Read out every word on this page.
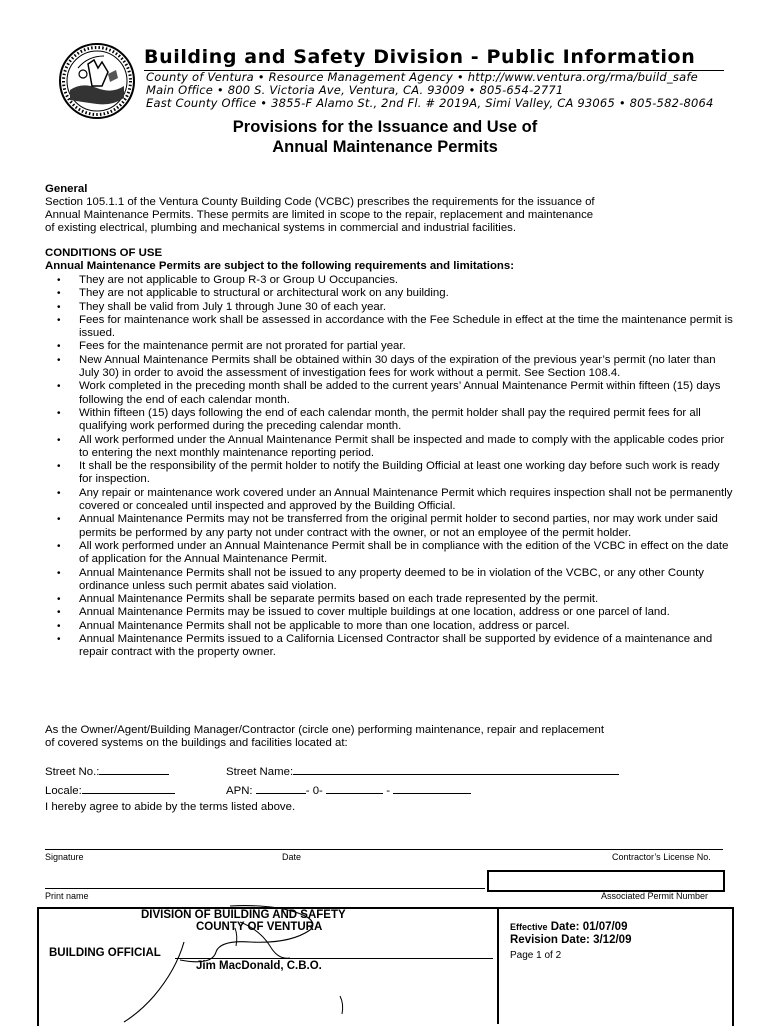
Building and Safety Division - Public Information
County of Ventura • Resource Management Agency • http://www.ventura.org/rma/build_safe
Main Office • 800 S. Victoria Ave, Ventura, CA. 93009 • 805-654-2771
East County Office • 3855-F Alamo St., 2nd Fl. # 2019A, Simi Valley, CA 93065 • 805-582-8064
Provisions for the Issuance and Use of
Annual Maintenance Permits
General
Section 105.1.1 of the Ventura County Building Code (VCBC) prescribes the requirements for the issuance of
Annual Maintenance Permits. These permits are limited in scope to the repair, replacement and maintenance
of existing electrical, plumbing and mechanical systems in commercial and industrial facilities.
CONDITIONS OF USE
Annual Maintenance Permits are subject to the following requirements and limitations:
• They are not applicable to Group R-3 or Group U Occupancies.
• They are not applicable to structural or architectural work on any building.
• They shall be valid from July 1 through June 30 of each year.
• Fees for maintenance work shall be assessed in accordance with the Fee Schedule in effect at the time the maintenance permit is issued.
• Fees for the maintenance permit are not prorated for partial year.
• New Annual Maintenance Permits shall be obtained within 30 days of the expiration of the previous year’s permit (no later than July 30) in order to avoid the assessment of investigation fees for work without a permit. See Section 108.4.
• Work completed in the preceding month shall be added to the current years’ Annual Maintenance Permit within fifteen (15) days following the end of each calendar month.
• Within fifteen (15) days following the end of each calendar month, the permit holder shall pay the required permit fees for all qualifying work performed during the preceding calendar month.
• All work performed under the Annual Maintenance Permit shall be inspected and made to comply with the applicable codes prior to entering the next monthly maintenance reporting period.
• It shall be the responsibility of the permit holder to notify the Building Official at least one working day before such work is ready for inspection.
• Any repair or maintenance work covered under an Annual Maintenance Permit which requires inspection shall not be permanently covered or concealed until inspected and approved by the Building Official.
• Annual Maintenance Permits may not be transferred from the original permit holder to second parties, nor may work under said permits be performed by any party not under contract with the owner, or not an employee of the permit holder.
• All work performed under an Annual Maintenance Permit shall be in compliance with the edition of the VCBC in effect on the date of application for the Annual Maintenance Permit.
• Annual Maintenance Permits shall not be issued to any property deemed to be in violation of the VCBC, or any other County ordinance unless such permit abates said violation.
• Annual Maintenance Permits shall be separate permits based on each trade represented by the permit.
• Annual Maintenance Permits may be issued to cover multiple buildings at one location, address or one parcel of land.
• Annual Maintenance Permits shall not be applicable to more than one location, address or parcel.
• Annual Maintenance Permits issued to a California Licensed Contractor shall be supported by evidence of a maintenance and repair contract with the property owner.
As the Owner/Agent/Building Manager/Contractor (circle one) performing maintenance, repair and replacement
of covered systems on the buildings and facilities located at:
Street No.:	Street Name:
Locale:	APN:	- 0-	-
I hereby agree to abide by the terms listed above.
Signature	Date	Contractor’s License No.
Print name	Associated Permit Number
DIVISION OF BUILDING AND SAFETY
COUNTY OF VENTURA
BUILDING OFFICIAL
Jim MacDonald, C.B.O.
Effective Date: 01/07/09
Revision Date: 3/12/09
Page 1 of 2
